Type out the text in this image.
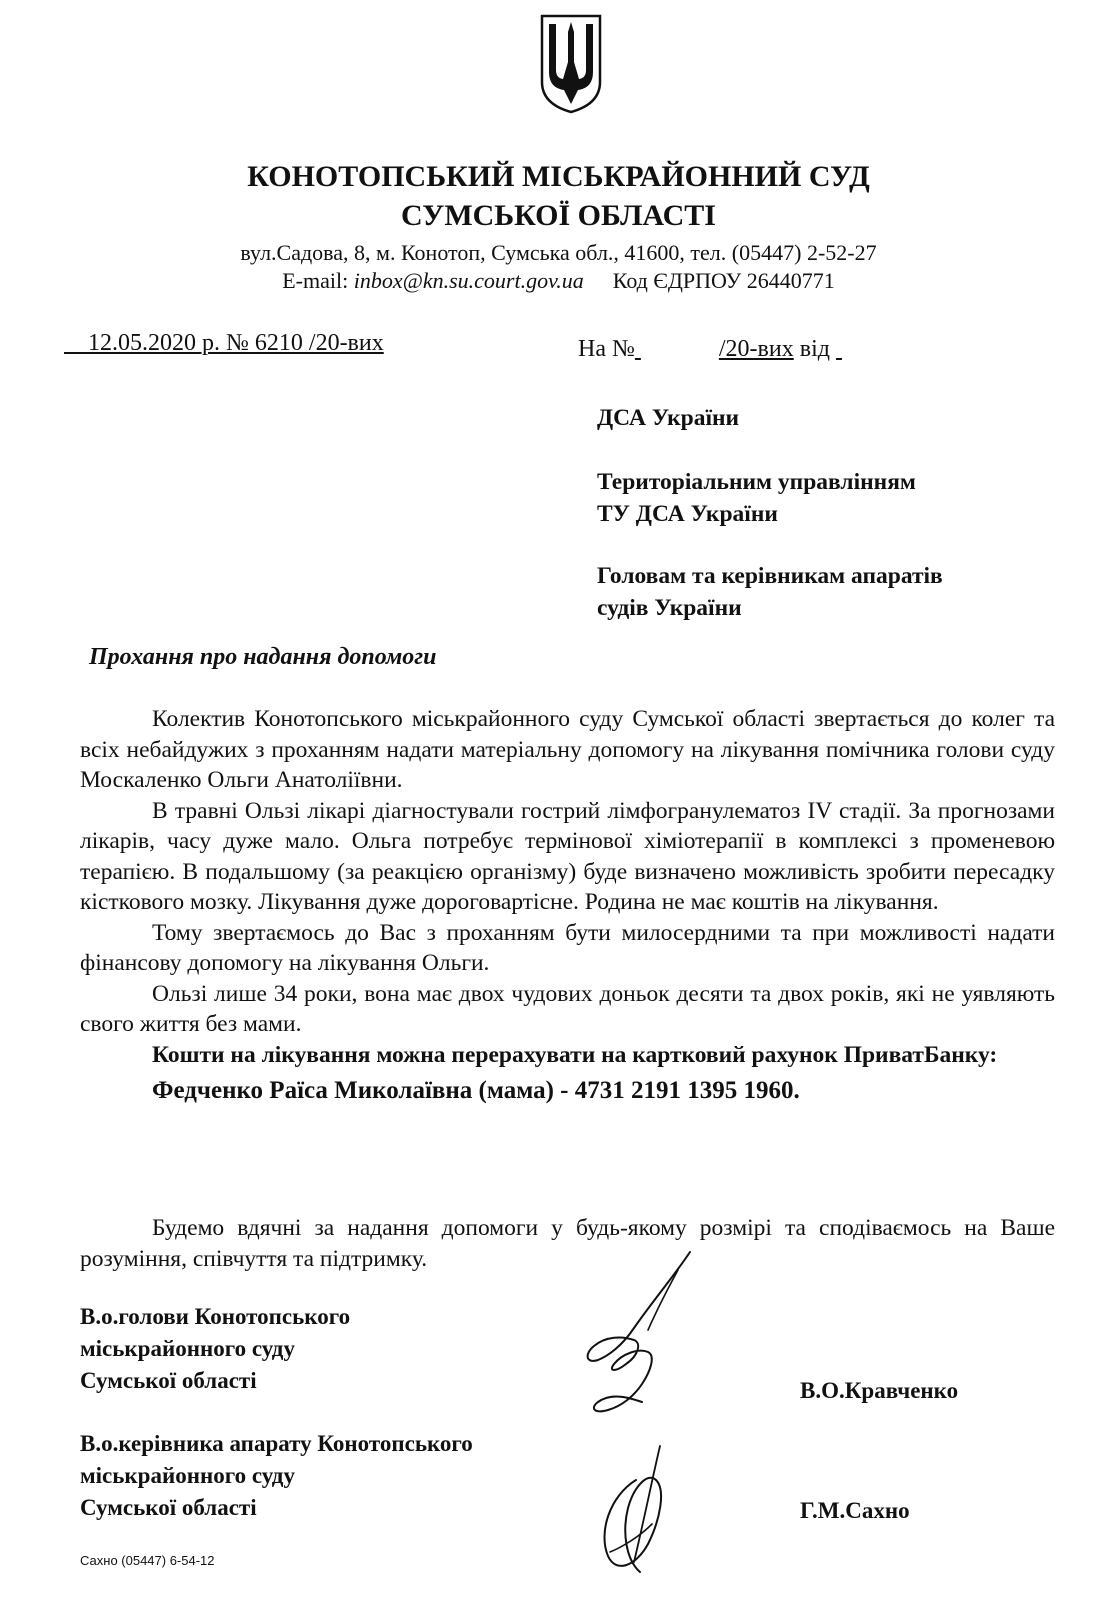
КОНОТОПСЬКИЙ МІСЬКРАЙОННИЙ СУД
СУМСЬКОЇ ОБЛАСТІ
вул.Садова, 8, м. Конотоп, Сумська обл., 41600, тел. (05447) 2-52-27
E-mail: inbox@kn.su.court.gov.ua Код ЄДРПОУ 26440771
12.05.2020 р. № 6210 /20-вих	На №	/20-вих від
ДСА України
Територіальним управлінням
ТУ ДСА України
Головам та керівникам апаратів
судів України
Прохання про надання допомоги

Колектив Конотопського міськрайонного суду Сумської області звертається до колег та всіх небайдужих з проханням надати матеріальну допомогу на лікування помічника голови суду Москаленко Ольги Анатоліївни.

В травні Ользі лікарі діагностували гострий лімфогранулематоз IV стадії. За прогнозами лікарів, часу дуже мало. Ольга потребує термінової хіміотерапії в комплексі з променевою терапією. В подальшому (за реакцією організму) буде визначено можливість зробити пересадку кісткового мозку. Лікування дуже дороговартісне. Родина не має коштів на лікування.

Тому звертаємось до Вас з проханням бути милосердними та при можливості надати фінансову допомогу на лікування Ольги.

Ользі лише 34 роки, вона має двох чудових доньок десяти та двох років, які не уявляють свого життя без мами.

Кошти на лікування можна перерахувати на картковий рахунок ПриватБанку:

Федченко Раїса Миколаївна (мама) - 4731 2191 1395 1960.

Будемо вдячні за надання допомоги у будь-якому розмірі та сподіваємось на Ваше розуміння, співчуття та підтримку.

В.о.голови Конотопського
міськрайонного суду
Сумської області	В.О.Кравченко
В.о.керівника апарату Конотопського
міськрайонного суду
Сумської області	Г.М.Сахно
Сахно (05447) 6-54-12
